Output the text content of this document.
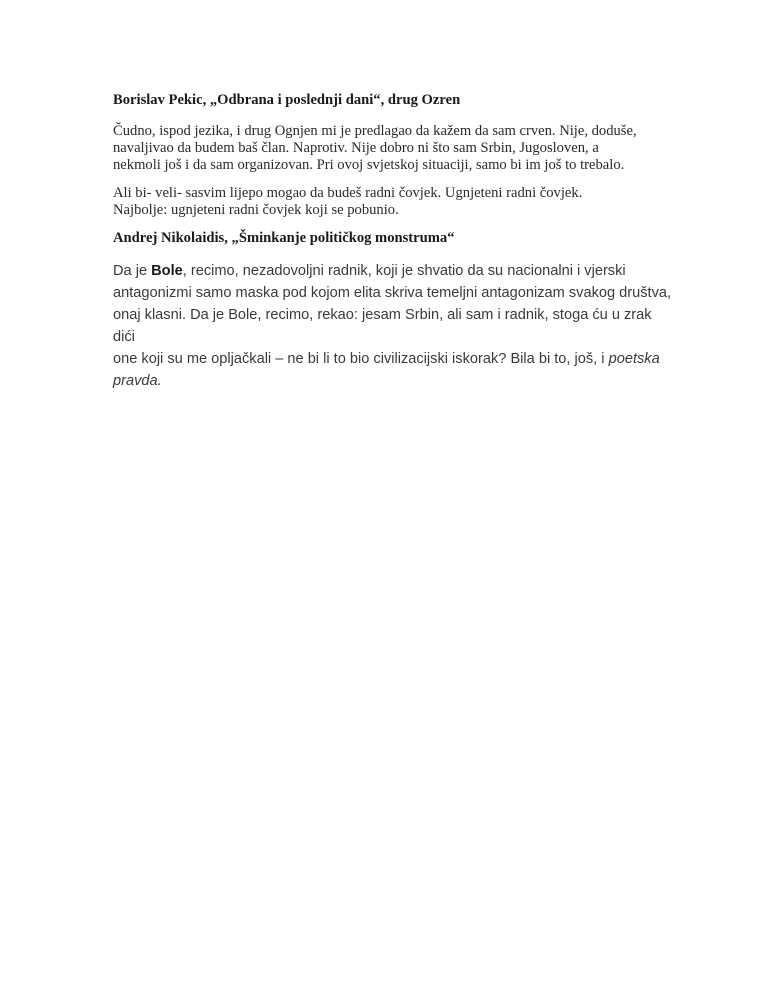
Borislav Pekic, „Odbrana i poslednji dani“, drug Ozren

Čudno, ispod jezika, i drug Ognjen mi je predlagao da kažem da sam crven. Nije, doduše,
navaljivao da budem baš član. Naprotiv. Nije dobro ni što sam Srbin, Jugosloven, a
nekmoli još i da sam organizovan. Pri ovoj svjetskoj situaciji, samo bi im još to trebalo.

Ali bi- veli- sasvim lijepo mogao da budeš radni čovjek. Ugnjeteni radni čovjek.
Najbolje: ugnjeteni radni čovjek koji se pobunio.

Andrej Nikolaidis, „Šminkanje političkog monstruma“

Da je Bole, recimo, nezadovoljni radnik, koji je shvatio da su nacionalni i vjerski
antagonizmi samo maska pod kojom elita skriva temeljni antagonizam svakog društva,
onaj klasni. Da je Bole, recimo, rekao: jesam Srbin, ali sam i radnik, stoga ću u zrak dići
one koji su me opljačkali – ne bi li to bio civilizacijski iskorak? Bila bi to, još, i poetska
pravda.
